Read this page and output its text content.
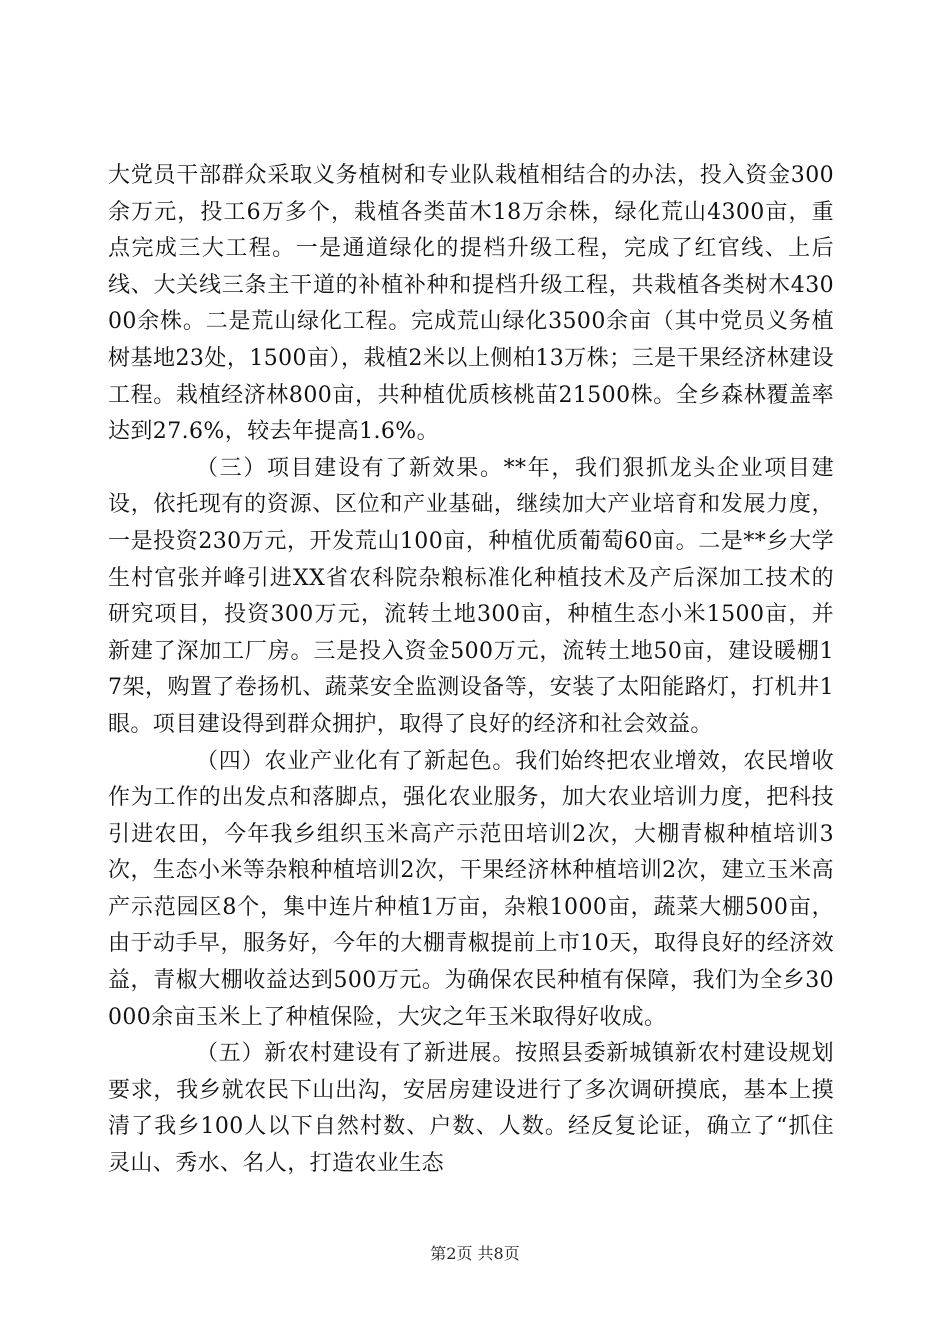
大党员干部群众采取义务植树和专业队栽植相结合的办法，投入资金300余万元，投工6万多个，栽植各类苗木18万余株，绿化荒山4300亩，重点完成三大工程。一是通道绿化的提档升级工程，完成了红官线、上后线、大关线三条主干道的补植补种和提档升级工程，共栽植各类树木43000余株。二是荒山绿化工程。完成荒山绿化3500余亩（其中党员义务植树基地23处，1500亩），栽植2米以上侧柏13万株；三是干果经济林建设工程。栽植经济林800亩，共种植优质核桃苗21500株。全乡森林覆盖率达到27.6%，较去年提高1.6%。

（三）项目建设有了新效果。**年，我们狠抓龙头企业项目建设，依托现有的资源、区位和产业基础，继续加大产业培育和发展力度，一是投资230万元，开发荒山100亩，种植优质葡萄60亩。二是**乡大学生村官张并峰引进XX省农科院杂粮标准化种植技术及产后深加工技术的研究项目，投资300万元，流转土地300亩，种植生态小米1500亩，并新建了深加工厂房。三是投入资金500万元，流转土地50亩，建设暖棚17架，购置了卷扬机、蔬菜安全监测设备等，安装了太阳能路灯，打机井1眼。项目建设得到群众拥护，取得了良好的经济和社会效益。

（四）农业产业化有了新起色。我们始终把农业增效，农民增收作为工作的出发点和落脚点，强化农业服务，加大农业培训力度，把科技引进农田，今年我乡组织玉米高产示范田培训2次，大棚青椒种植培训3次，生态小米等杂粮种植培训2次，干果经济林种植培训2次，建立玉米高产示范园区8个，集中连片种植1万亩，杂粮1000亩，蔬菜大棚500亩，由于动手早，服务好，今年的大棚青椒提前上市10天，取得良好的经济效益，青椒大棚收益达到500万元。为确保农民种植有保障，我们为全乡30000余亩玉米上了种植保险，大灾之年玉米取得好收成。

（五）新农村建设有了新进展。按照县委新城镇新农村建设规划要求，我乡就农民下山出沟，安居房建设进行了多次调研摸底，基本上摸清了我乡100人以下自然村数、户数、人数。经反复论证，确立了“抓住灵山、秀水、名人，打造农业生态

第2页 共8页
